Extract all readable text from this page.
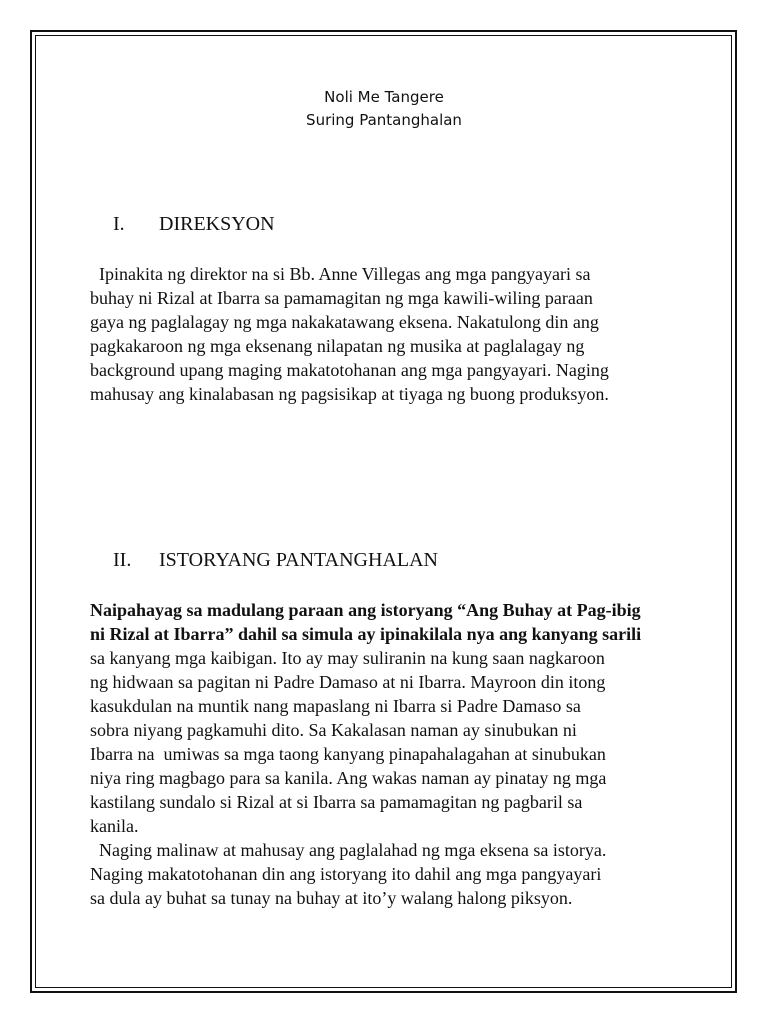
Noli Me Tangere
Suring Pantanghalan
I. DIREKSYON
Ipinakita ng direktor na si Bb. Anne Villegas ang mga pangyayari sa
buhay ni Rizal at Ibarra sa pamamagitan ng mga kawili-wiling paraan
gaya ng paglalagay ng mga nakakatawang eksena. Nakatulong din ang
pagkakaroon ng mga eksenang nilapatan ng musika at paglalagay ng
background upang maging makatotohanan ang mga pangyayari. Naging
mahusay ang kinalabasan ng pagsisikap at tiyaga ng buong produksyon.
II. ISTORYANG PANTANGHALAN
Naipahayag sa madulang paraan ang istoryang “Ang Buhay at Pag-ibig
ni Rizal at Ibarra” dahil sa simula ay ipinakilala nya ang kanyang sarili
sa kanyang mga kaibigan. Ito ay may suliranin na kung saan nagkaroon
ng hidwaan sa pagitan ni Padre Damaso at ni Ibarra. Mayroon din itong
kasukdulan na muntik nang mapaslang ni Ibarra si Padre Damaso sa
sobra niyang pagkamuhi dito. Sa Kakalasan naman ay sinubukan ni
Ibarra na  umiwas sa mga taong kanyang pinapahalagahan at sinubukan
niya ring magbago para sa kanila. Ang wakas naman ay pinatay ng mga
kastilang sundalo si Rizal at si Ibarra sa pamamagitan ng pagbaril sa
kanila.
Naging malinaw at mahusay ang paglalahad ng mga eksena sa istorya.
Naging makatotohanan din ang istoryang ito dahil ang mga pangyayari
sa dula ay buhat sa tunay na buhay at ito’y walang halong piksyon.
